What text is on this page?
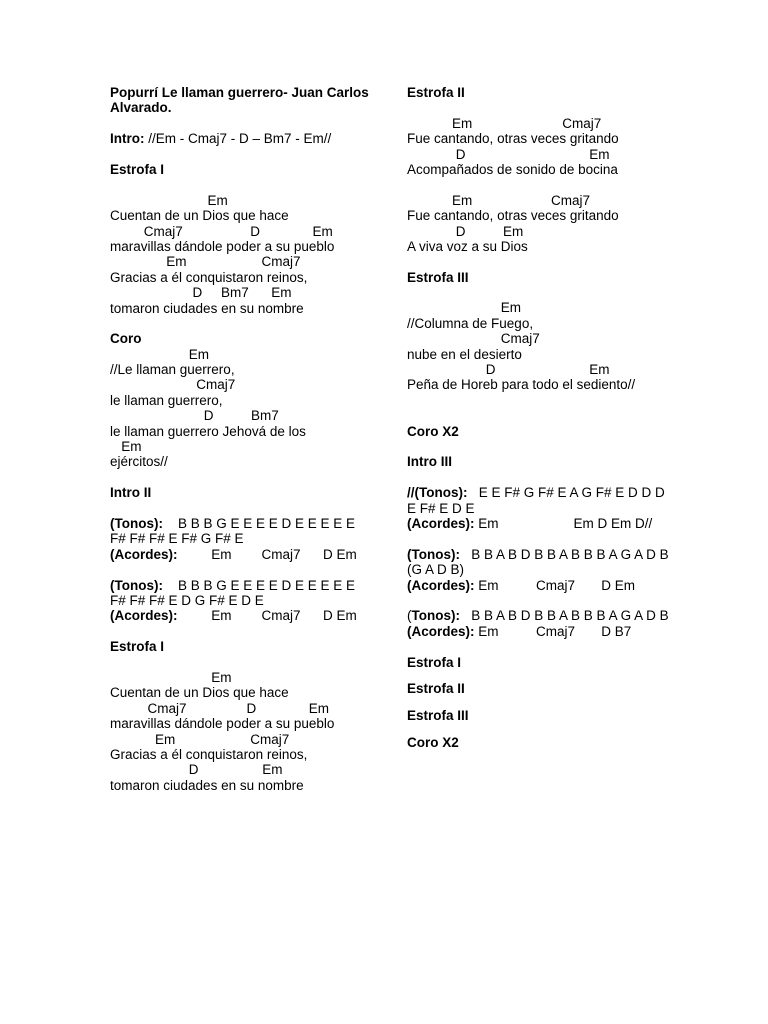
Popurrí Le llaman guerrero- Juan Carlos Alvarado.
Intro: //Em - Cmaj7 - D – Bm7 - Em//
Estrofa I
Em
Cuentan de un Dios que hace
Cmaj7                  D              Em
maravillas dándole poder a su pueblo
Em                    Cmaj7
Gracias a él conquistaron reinos,
D     Bm7      Em
tomaron ciudades en su nombre
Coro
Em
//Le llaman guerrero,
Cmaj7
le llaman guerrero,
D          Bm7
le llaman guerrero Jehová de los
Em
ejércitos//
Intro II
(Tonos):    B B B G E E E E D E E E E E F# F# F# E F# G F# E
(Acordes):         Em        Cmaj7      D Em
(Tonos):    B B B G E E E E D E E E E E F# F# F# E D G F# E D E
(Acordes):         Em        Cmaj7      D Em
Estrofa I
Em
Cuentan de un Dios que hace
Cmaj7                D              Em
maravillas dándole poder a su pueblo
Em                    Cmaj7
Gracias a él conquistaron reinos,
D                 Em
tomaron ciudades en su nombre
Estrofa II
Em                        Cmaj7
Fue cantando, otras veces gritando
D                                 Em
Acompañados de sonido de bocina
Em                     Cmaj7
Fue cantando, otras veces gritando
D          Em
A viva voz a su Dios
Estrofa III
Em
//Columna de Fuego,
Cmaj7
nube en el desierto
D                         Em
Peña de Horeb para todo el sediento//
Coro X2
Intro III
//(Tonos):   E E F# G F# E A G F# E D D D E F# E D E
(Acordes): Em                    Em D Em D//
(Tonos):   B B A B D B B A B B B A G A D B   (G A D B)
(Acordes): Em          Cmaj7       D Em
(Tonos):   B B A B D B B A B B B A G A D B
(Acordes): Em          Cmaj7       D B7
Estrofa I
Estrofa II
Estrofa III
Coro X2
